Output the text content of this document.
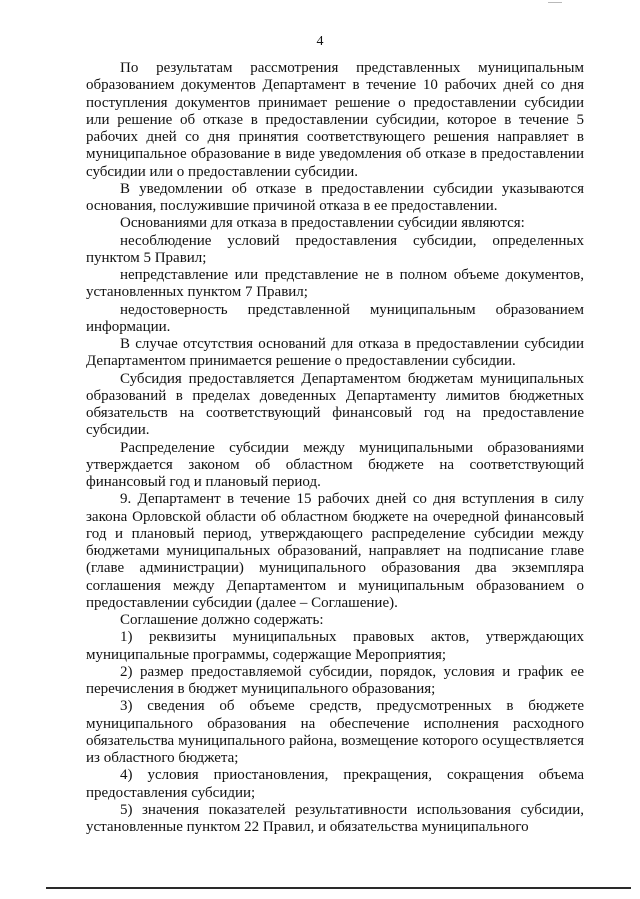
4

По результатам рассмотрения представленных муниципальным образованием документов Департамент в течение 10 рабочих дней со дня поступления документов принимает решение о предоставлении субсидии или решение об отказе в предоставлении субсидии, которое в течение 5 рабочих дней со дня принятия соответствующего решения направляет в муниципальное образование в виде уведомления об отказе в предоставлении субсидии или о предоставлении субсидии.

В уведомлении об отказе в предоставлении субсидии указываются основания, послужившие причиной отказа в ее предоставлении.

Основаниями для отказа в предоставлении субсидии являются:

несоблюдение условий предоставления субсидии, определенных пунктом 5 Правил;

непредставление или представление не в полном объеме документов, установленных пунктом 7 Правил;

недостоверность представленной муниципальным образованием информации.

В случае отсутствия оснований для отказа в предоставлении субсидии Департаментом принимается решение о предоставлении субсидии.

Субсидия предоставляется Департаментом бюджетам муниципальных образований в пределах доведенных Департаменту лимитов бюджетных обязательств на соответствующий финансовый год на предоставление субсидии.

Распределение субсидии между муниципальными образованиями утверждается законом об областном бюджете на соответствующий финансовый год и плановый период.

9. Департамент в течение 15 рабочих дней со дня вступления в силу закона Орловской области об областном бюджете на очередной финансовый год и плановый период, утверждающего распределение субсидии между бюджетами муниципальных образований, направляет на подписание главе (главе администрации) муниципального образования два экземпляра соглашения между Департаментом и муниципальным образованием о предоставлении субсидии (далее – Соглашение).

Соглашение должно содержать:

1) реквизиты муниципальных правовых актов, утверждающих муниципальные программы, содержащие Мероприятия;

2) размер предоставляемой субсидии, порядок, условия и график ее перечисления в бюджет муниципального образования;

3) сведения об объеме средств, предусмотренных в бюджете муниципального образования на обеспечение исполнения расходного обязательства муниципального района, возмещение которого осуществляется из областного бюджета;

4) условия приостановления, прекращения, сокращения объема предоставления субсидии;

5) значения показателей результативности использования субсидии, установленные пунктом 22 Правил, и обязательства муниципального
